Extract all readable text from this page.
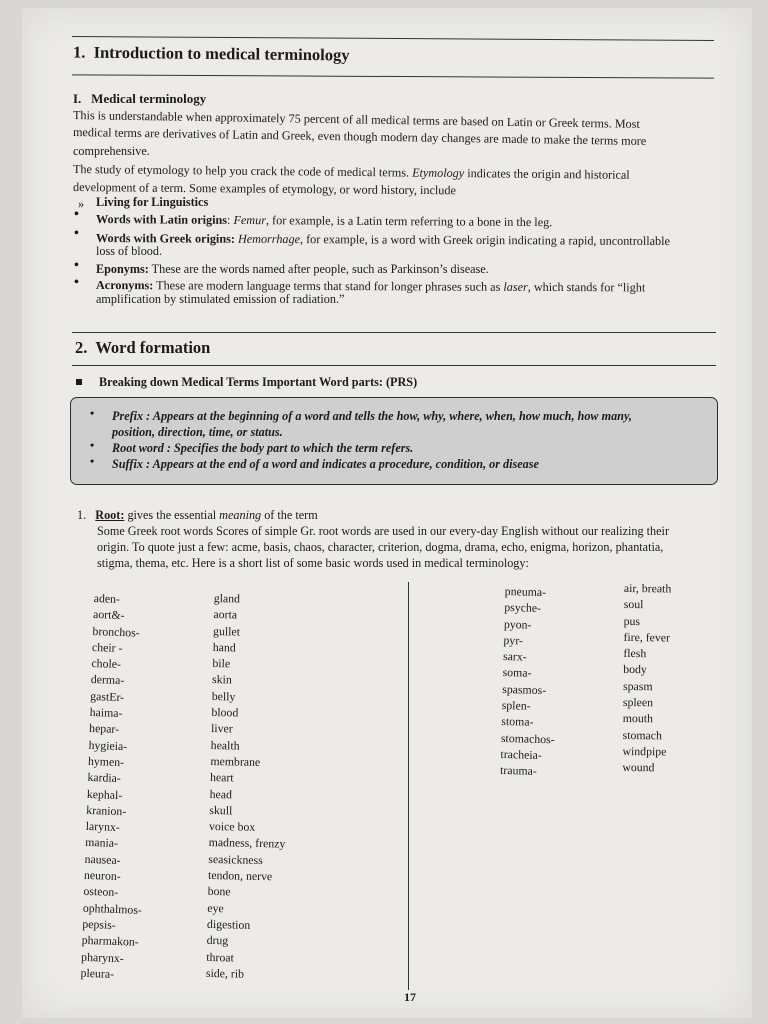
1. Introduction to medical terminology
I. Medical terminology
This is understandable when approximately 75 percent of all medical terms are based on Latin or Greek terms. Most
medical terms are derivatives of Latin and Greek, even though modern day changes are made to make the terms more
comprehensive.
The study of etymology to help you crack the code of medical terms. Etymology indicates the origin and historical
development of a term. Some examples of etymology, or word history, include
» Living for Linguistics
• Words with Latin origins: Femur, for example, is a Latin term referring to a bone in the leg.
• Words with Greek origins: Hemorrhage, for example, is a word with Greek origin indicating a rapid, uncontrollable
loss of blood.
• Eponyms: These are the words named after people, such as Parkinson’s disease.
• Acronyms: These are modern language terms that stand for longer phrases such as laser, which stands for “light
amplification by stimulated emission of radiation.”
2. Word formation
Breaking down Medical Terms Important Word parts: (PRS)
• Prefix : Appears at the beginning of a word and tells the how, why, where, when, how much, how many,
position, direction, time, or status.
• Root word : Specifies the body part to which the term refers.
• Suffix : Appears at the end of a word and indicates a procedure, condition, or disease
1. Root: gives the essential meaning of the term
Some Greek root words Scores of simple Gr. root words are used in our every-day English without our realizing their
origin. To quote just a few: acme, basis, chaos, character, criterion, dogma, drama, echo, enigma, horizon, phantatia,
stigma, thema, etc. Here is a short list of some basic words used in medical terminology:
aden-
aort&-
bronchos-
cheir -
chole-
derma-
gastEr-
haima-
hepar-
hygieia-
hymen-
kardia-
kephal-
kranion-
larynx-
mania-
nausea-
neuron-
osteon-
ophthalmos-
pepsis-
pharmakon-
pharynx-
pleura-
gland
aorta
gullet
hand
bile
skin
belly
blood
liver
health
membrane
heart
head
skull
voice box
madness, frenzy
seasickness
tendon, nerve
bone
eye
digestion
drug
throat
side, rib
pneuma-
psyche-
pyon-
pyr-
sarx-
soma-
spasmos-
splen-
stoma-
stomachos-
tracheia-
trauma-
air, breath
soul
pus
fire, fever
flesh
body
spasm
spleen
mouth
stomach
windpipe
wound
17
